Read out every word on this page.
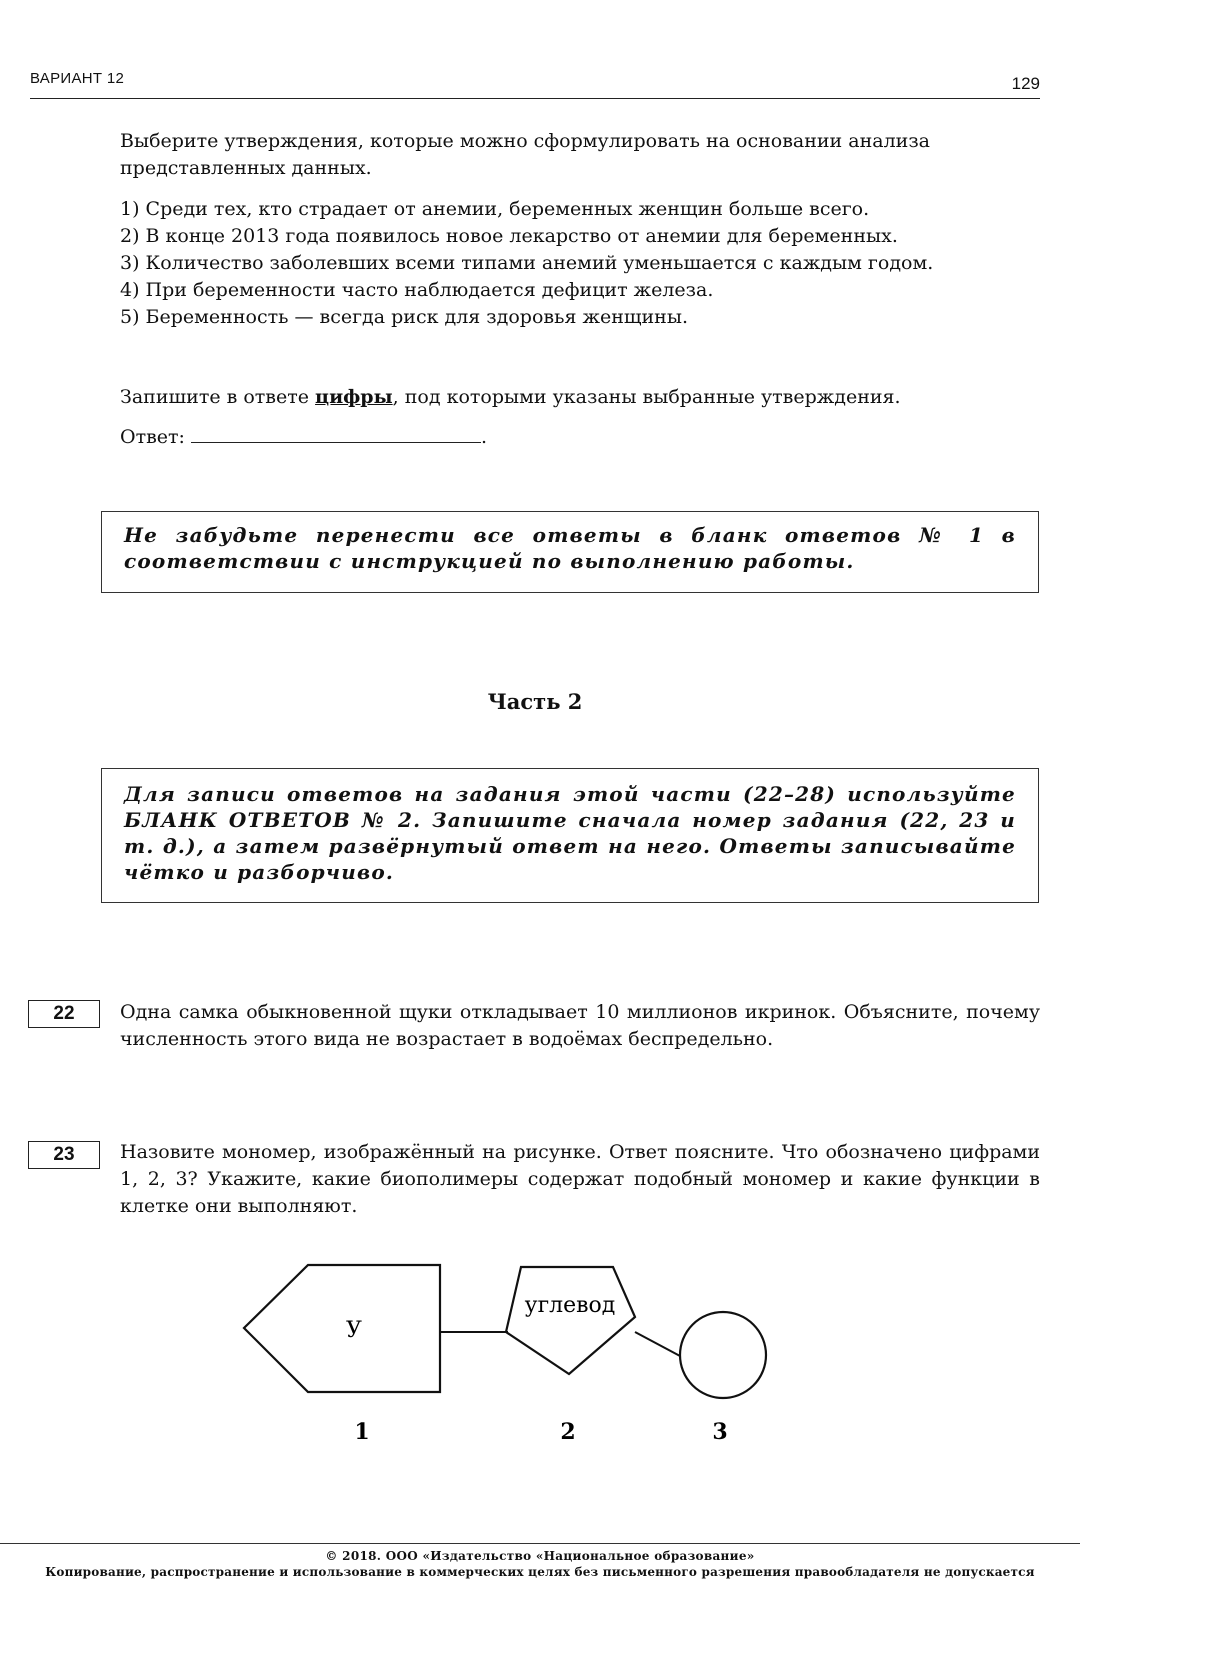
ВАРИАНТ 12	129
Выберите утверждения, которые можно сформулировать на основании анализа представленных данных.
1) Среди тех, кто страдает от анемии, беременных женщин больше всего.
2) В конце 2013 года появилось новое лекарство от анемии для беременных.
3) Количество заболевших всеми типами анемий уменьшается с каждым годом.
4) При беременности часто наблюдается дефицит железа.
5) Беременность — всегда риск для здоровья женщины.
Запишите в ответе цифры, под которыми указаны выбранные утверждения.
Ответ:	.
Не забудьте перенести все ответы в бланк ответов № 1 в соответствии с инструкцией по выполнению работы.
Часть 2
Для записи ответов на задания этой части (22–28) используйте БЛАНК ОТВЕТОВ № 2. Запишите сначала номер задания (22, 23 и т. д.), а затем развёрнутый ответ на него. Ответы записывайте чётко и разборчиво.
22	Одна самка обыкновенной щуки откладывает 10 миллионов икринок. Объясните, почему численность этого вида не возрастает в водоёмах беспредельно.
23	Назовите мономер, изображённый на рисунке. Ответ поясните. Что обозначено цифрами 1, 2, 3? Укажите, какие биополимеры содержат подобный мономер и какие функции в клетке они выполняют.
У
углевод
1	2	3
© 2018. ООО «Издательство «Национальное образование»
Копирование, распространение и использование в коммерческих целях без письменного разрешения правообладателя не допускается
